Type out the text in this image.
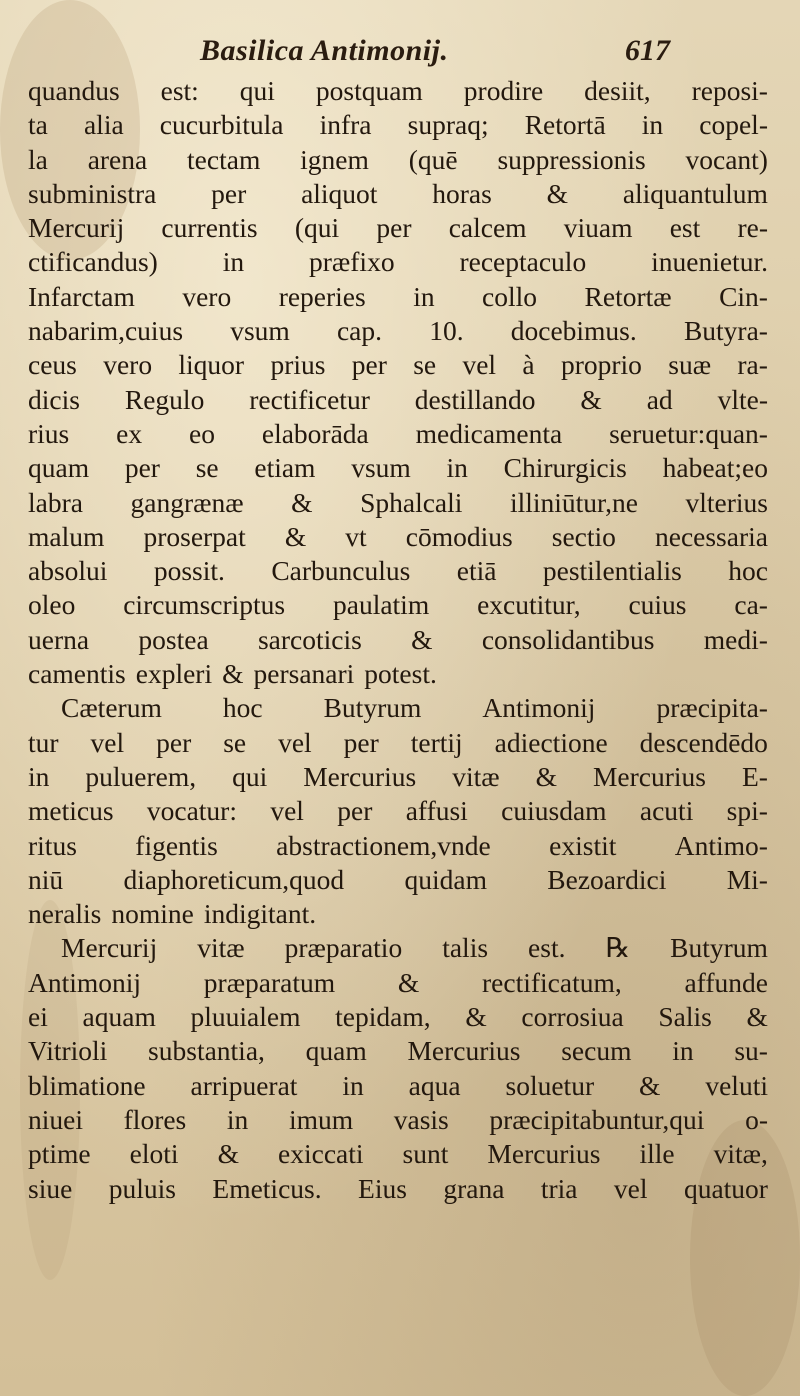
Basilica Antimonij.	617
quandus est: qui postquam prodire desiit, reposi-
ta alia cucurbitula infra supraq; Retortā in copel-
la arena tectam ignem (quē suppressionis vocant)
subministra per aliquot horas & aliquantulum
Mercurij currentis (qui per calcem viuam est re-
ctificandus) in præfixo receptaculo inuenietur.
Infarctam vero reperies in collo Retortæ Cin-
nabarim,cuius vsum cap. 10. docebimus. Butyra-
ceus vero liquor prius per se vel à proprio suæ ra-
dicis Regulo rectificetur destillando & ad vlte-
rius ex eo elaborāda medicamenta seruetur:quan-
quam per se etiam vsum in Chirurgicis habeat;eo
labra gangrænæ & Sphalcali illiniūtur,ne vlterius
malum proserpat & vt cōmodius sectio necessaria
absolui possit. Carbunculus etiā pestilentialis hoc
oleo circumscriptus paulatim excutitur, cuius ca-
uerna postea sarcoticis & consolidantibus medi-
camentis expleri & persanari potest.
Cæterum hoc Butyrum Antimonij præcipita-
tur vel per se vel per tertij adiectione descendēdo
in puluerem, qui Mercurius vitæ & Mercurius E-
meticus vocatur: vel per affusi cuiusdam acuti spi-
ritus figentis abstractionem,vnde existit Antimo-
niū diaphoreticum,quod quidam Bezoardici Mi-
neralis nomine indigitant.
Mercurij vitæ præparatio talis est. ℞ Butyrum
Antimonij præparatum & rectificatum, affunde
ei aquam pluuialem tepidam, & corrosiua Salis &
Vitrioli substantia, quam Mercurius secum in su-
blimatione arripuerat in aqua soluetur & veluti
niuei flores in imum vasis præcipitabuntur,qui o-
ptime eloti & exiccati sunt Mercurius ille vitæ,
siue puluis Emeticus. Eius grana tria vel quatuor
